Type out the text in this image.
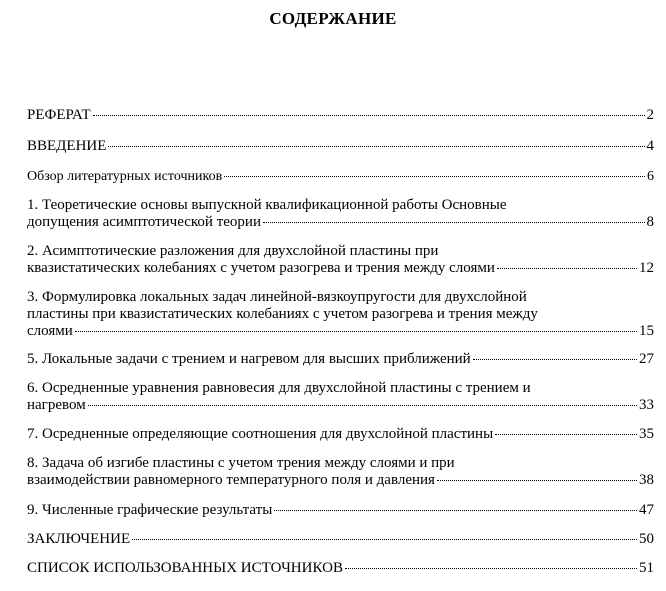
СОДЕРЖАНИЕ
РЕФЕРАТ	2
ВВЕДЕНИЕ	4
Обзор литературных источников	6
1. Теоретические основы выпускной квалификационной работы Основные
допущения асимптотической теории	8
2. Асимптотические разложения для двухслойной пластины при
квазистатических колебаниях с учетом разогрева и трения между слоями	12
3. Формулировка локальных задач линейной-вязкоупругости для двухслойной
пластины при квазистатических колебаниях с учетом разогрева и трения между
слоями	15
5. Локальные задачи с трением и нагревом для высших приближений	27
6. Осредненные уравнения равновесия для двухслойной пластины с трением и
нагревом	33
7. Осредненные определяющие соотношения для двухслойной пластины	35
8. Задача об изгибе пластины с учетом трения между слоями и при
взаимодействии равномерного температурного поля и давления	38
9. Численные графические результаты	47
ЗАКЛЮЧЕНИЕ	50
СПИСОК ИСПОЛЬЗОВАННЫХ ИСТОЧНИКОВ	51
